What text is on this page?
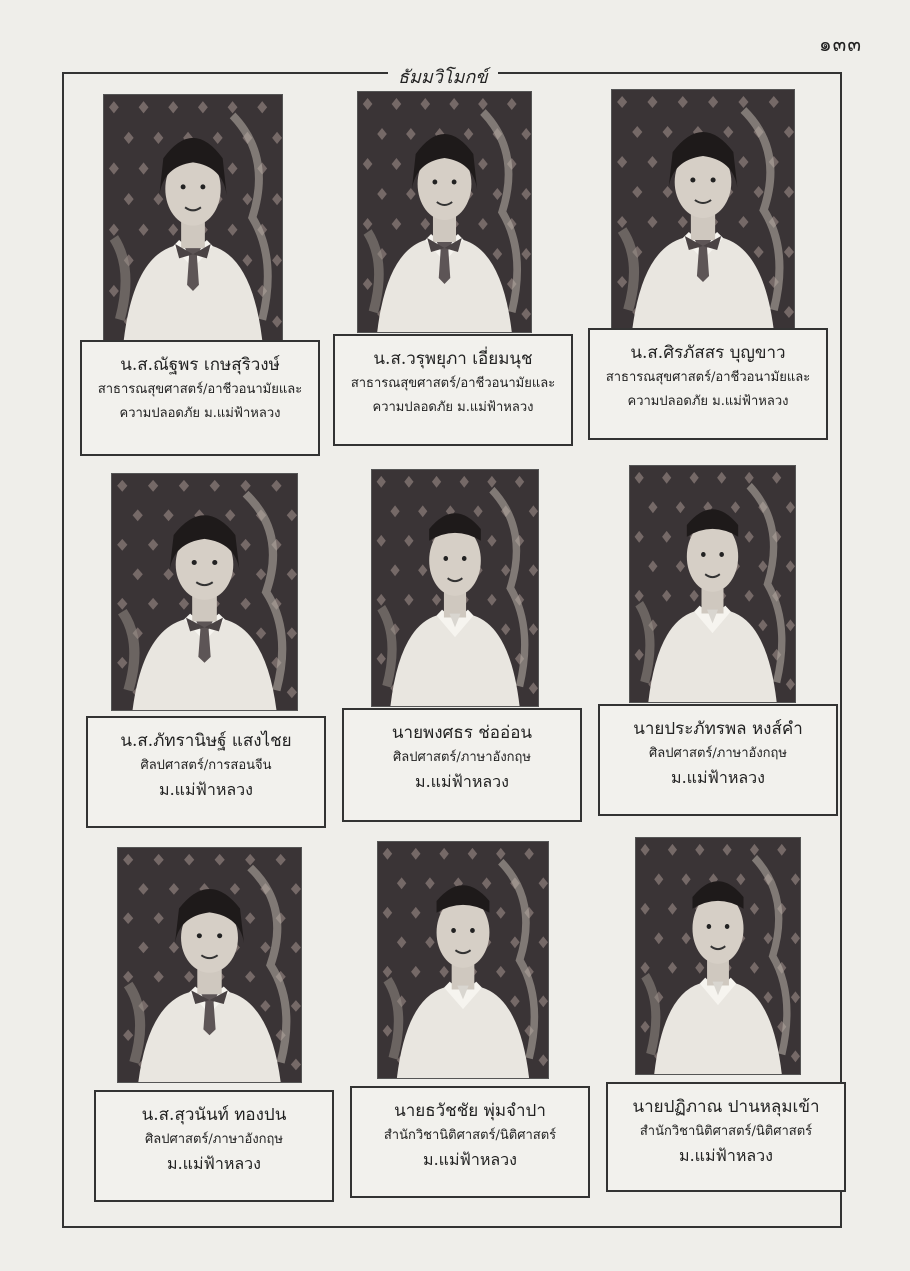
๑๓๓
ธัมมวิโมกข์
น.ส.ณัฐพร เกษสุริวงษ์
สาธารณสุขศาสตร์/อาชีวอนามัยและ
ความปลอดภัย ม.แม่ฟ้าหลวง
น.ส.วรุพยุภา เอี่ยมนุช
สาธารณสุขศาสตร์/อาชีวอนามัยและ
ความปลอดภัย ม.แม่ฟ้าหลวง
น.ส.ศิรภัสสร บุญขาว
สาธารณสุขศาสตร์/อาชีวอนามัยและ
ความปลอดภัย ม.แม่ฟ้าหลวง
น.ส.ภัทรานิษฐ์ แสงไชย
ศิลปศาสตร์/การสอนจีน
ม.แม่ฟ้าหลวง
นายพงศธร ช่ออ่อน
ศิลปศาสตร์/ภาษาอังกฤษ
ม.แม่ฟ้าหลวง
นายประภัทรพล หงส์คำ
ศิลปศาสตร์/ภาษาอังกฤษ
ม.แม่ฟ้าหลวง
น.ส.สุวนันท์ ทองปน
ศิลปศาสตร์/ภาษาอังกฤษ
ม.แม่ฟ้าหลวง
นายธวัชชัย พุ่มจำปา
สำนักวิชานิติศาสตร์/นิติศาสตร์
ม.แม่ฟ้าหลวง
นายปฏิภาณ ปานหลุมเข้า
สำนักวิชานิติศาสตร์/นิติศาสตร์
ม.แม่ฟ้าหลวง
